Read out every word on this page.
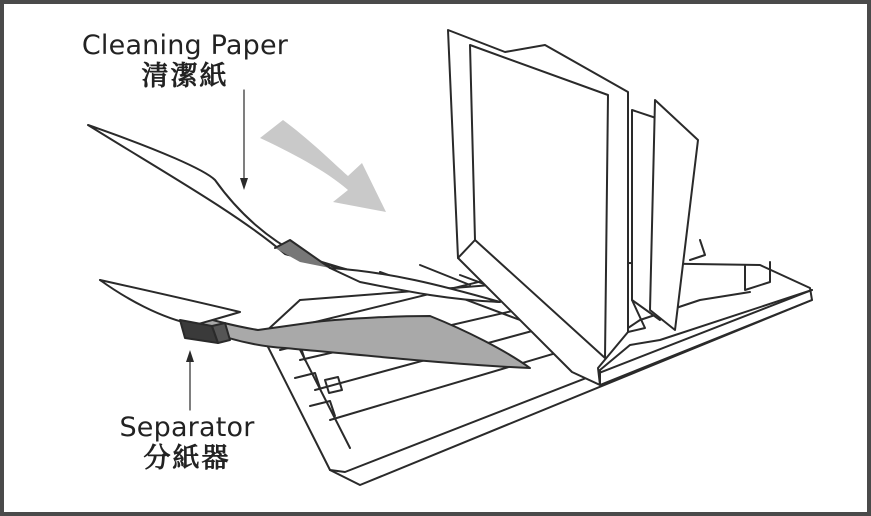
Cleaning Paper
清潔紙
Separator
分紙器
